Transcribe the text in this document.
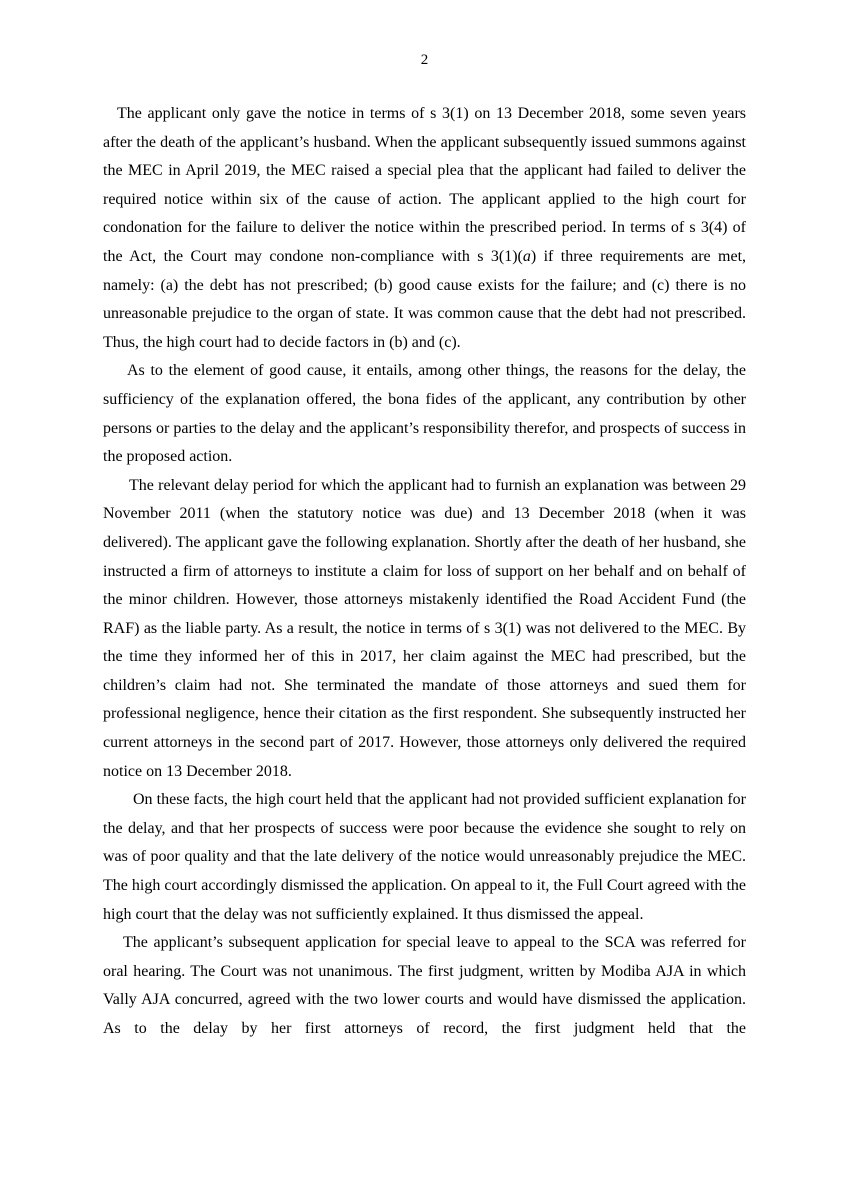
2

The applicant only gave the notice in terms of s 3(1) on 13 December 2018, some seven years after the death of the applicant’s husband. When the applicant subsequently issued summons against the MEC in April 2019, the MEC raised a special plea that the applicant had failed to deliver the required notice within six of the cause of action. The applicant applied to the high court for condonation for the failure to deliver the notice within the prescribed period. In terms of s 3(4) of the Act, the Court may condone non-compliance with s 3(1)(a) if three requirements are met, namely: (a) the debt has not prescribed; (b) good cause exists for the failure; and (c) there is no unreasonable prejudice to the organ of state. It was common cause that the debt had not prescribed. Thus, the high court had to decide factors in (b) and (c).

As to the element of good cause, it entails, among other things, the reasons for the delay, the sufficiency of the explanation offered, the bona fides of the applicant, any contribution by other persons or parties to the delay and the applicant’s responsibility therefor, and prospects of success in the proposed action.

The relevant delay period for which the applicant had to furnish an explanation was between 29 November 2011 (when the statutory notice was due) and 13 December 2018 (when it was delivered). The applicant gave the following explanation. Shortly after the death of her husband, she instructed a firm of attorneys to institute a claim for loss of support on her behalf and on behalf of the minor children. However, those attorneys mistakenly identified the Road Accident Fund (the RAF) as the liable party. As a result, the notice in terms of s 3(1) was not delivered to the MEC. By the time they informed her of this in 2017, her claim against the MEC had prescribed, but the children’s claim had not. She terminated the mandate of those attorneys and sued them for professional negligence, hence their citation as the first respondent. She subsequently instructed her current attorneys in the second part of 2017. However, those attorneys only delivered the required notice on 13 December 2018.

On these facts, the high court held that the applicant had not provided sufficient explanation for the delay, and that her prospects of success were poor because the evidence she sought to rely on was of poor quality and that the late delivery of the notice would unreasonably prejudice the MEC. The high court accordingly dismissed the application. On appeal to it, the Full Court agreed with the high court that the delay was not sufficiently explained. It thus dismissed the appeal.

The applicant’s subsequent application for special leave to appeal to the SCA was referred for oral hearing. The Court was not unanimous. The first judgment, written by Modiba AJA in which Vally AJA concurred, agreed with the two lower courts and would have dismissed the application. As to the delay by her first attorneys of record, the first judgment held that the
